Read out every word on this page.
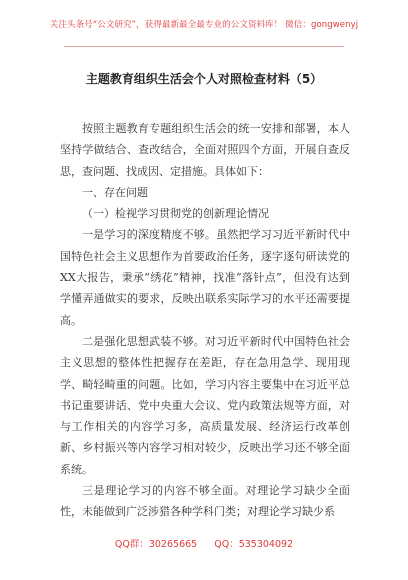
关注头条号“公文研究”，获得最新最全最专业的公文资料库！ 微信：gongwenyj
主题教育组织生活会个人对照检查材料（5）

按照主题教育专题组织生活会的统一安排和部署，本人坚持学做结合、查改结合，全面对照四个方面，开展自查反思，查问题、找成因、定措施。具体如下：

一、存在问题

（一）检视学习贯彻党的创新理论情况

一是学习的深度精度不够。虽然把学习习近平新时代中国特色社会主义思想作为首要政治任务，逐字逐句研读党的XX大报告，秉承“绣花”精神，找准“落针点”，但没有达到学懂弄通做实的要求，反映出联系实际学习的水平还需要提高。

二是强化思想武装不够。对习近平新时代中国特色社会主义思想的整体性把握存在差距，存在急用急学、现用现学、畸轻畸重的问题。比如，学习内容主要集中在习近平总书记重要讲话、党中央重大会议、党内政策法规等方面，对与工作相关的内容学习多，高质量发展、经济运行改革创新、乡村振兴等内容学习相对较少，反映出学习还不够全面系统。

三是理论学习的内容不够全面。对理论学习缺少全面性，未能做到广泛涉猎各种学科门类；对理论学习缺少系

QQ群：30265665 QQ：535304092
